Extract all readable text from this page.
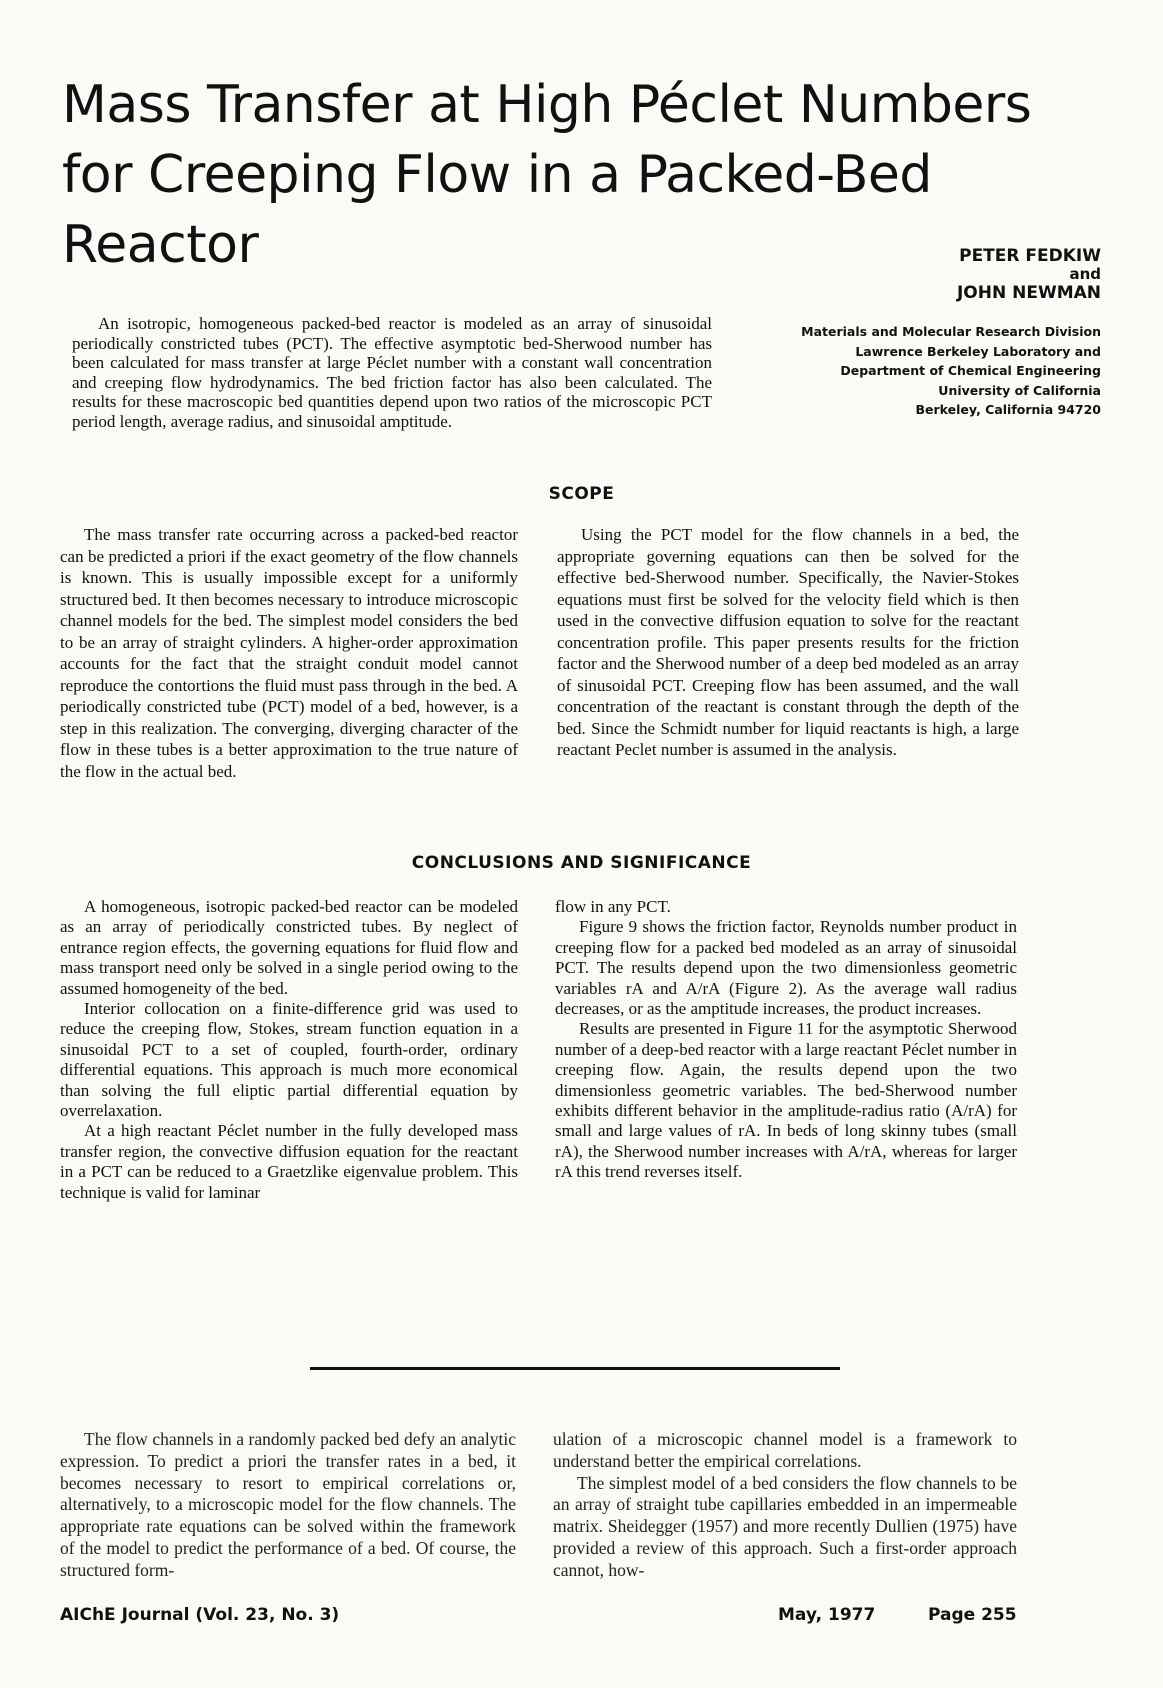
Mass Transfer at High Péclet Numbers
for Creeping Flow in a Packed-Bed Reactor	PETER FEDKIW
and
JOHN NEWMAN
Materials and Molecular Research Division
Lawrence Berkeley Laboratory and
Department of Chemical Engineering
University of California
Berkeley, California 94720

An isotropic, homogeneous packed-bed reactor is modeled as an array of sinusoidal periodically constricted tubes (PCT). The effective asymptotic bed-Sherwood number has been calculated for mass transfer at large Péclet number with a constant wall concentration and creeping flow hydrodynamics. The bed friction factor has also been calculated. The results for these macroscopic bed quantities depend upon two ratios of the microscopic PCT period length, average radius, and sinusoidal amptitude.

SCOPE

The mass transfer rate occurring across a packed-bed reactor can be predicted a priori if the exact geometry of the flow channels is known. This is usually impossible except for a uniformly structured bed. It then becomes necessary to introduce microscopic channel models for the bed. The simplest model considers the bed to be an array of straight cylinders. A higher-order approximation accounts for the fact that the straight conduit model cannot reproduce the contortions the fluid must pass through in the bed. A periodically constricted tube (PCT) model of a bed, however, is a step in this realization. The converging, diverging character of the flow in these tubes is a better approximation to the true nature of the flow in the actual bed.

Using the PCT model for the flow channels in a bed, the appropriate governing equations can then be solved for the effective bed-Sherwood number. Specifically, the Navier-Stokes equations must first be solved for the velocity field which is then used in the convective diffusion equation to solve for the reactant concentration profile. This paper presents results for the friction factor and the Sherwood number of a deep bed modeled as an array of sinusoidal PCT. Creeping flow has been assumed, and the wall concentration of the reactant is constant through the depth of the bed. Since the Schmidt number for liquid reactants is high, a large reactant Peclet number is assumed in the analysis.

CONCLUSIONS AND SIGNIFICANCE

A homogeneous, isotropic packed-bed reactor can be modeled as an array of periodically constricted tubes. By neglect of entrance region effects, the governing equations for fluid flow and mass transport need only be solved in a single period owing to the assumed homogeneity of the bed.

Interior collocation on a finite-difference grid was used to reduce the creeping flow, Stokes, stream function equation in a sinusoidal PCT to a set of coupled, fourth-order, ordinary differential equations. This approach is much more economical than solving the full eliptic partial differential equation by overrelaxation.

At a high reactant Péclet number in the fully developed mass transfer region, the convective diffusion equation for the reactant in a PCT can be reduced to a Graetzlike eigenvalue problem. This technique is valid for laminar

flow in any PCT.

Figure 9 shows the friction factor, Reynolds number product in creeping flow for a packed bed modeled as an array of sinusoidal PCT. The results depend upon the two dimensionless geometric variables rA and A/rA (Figure 2). As the average wall radius decreases, or as the amptitude increases, the product increases.

Results are presented in Figure 11 for the asymptotic Sherwood number of a deep-bed reactor with a large reactant Péclet number in creeping flow. Again, the results depend upon the two dimensionless geometric variables. The bed-Sherwood number exhibits different behavior in the amplitude-radius ratio (A/rA) for small and large values of rA. In beds of long skinny tubes (small rA), the Sherwood number increases with A/rA, whereas for larger rA this trend reverses itself.

The flow channels in a randomly packed bed defy an analytic expression. To predict a priori the transfer rates in a bed, it becomes necessary to resort to empirical correlations or, alternatively, to a microscopic model for the flow channels. The appropriate rate equations can be solved within the framework of the model to predict the performance of a bed. Of course, the structured form-

ulation of a microscopic channel model is a framework to understand better the empirical correlations.

The simplest model of a bed considers the flow channels to be an array of straight tube capillaries embedded in an impermeable matrix. Sheidegger (1957) and more recently Dullien (1975) have provided a review of this approach. Such a first-order approach cannot, how-

AIChE Journal (Vol. 23, No. 3)	May, 1977	Page 255
